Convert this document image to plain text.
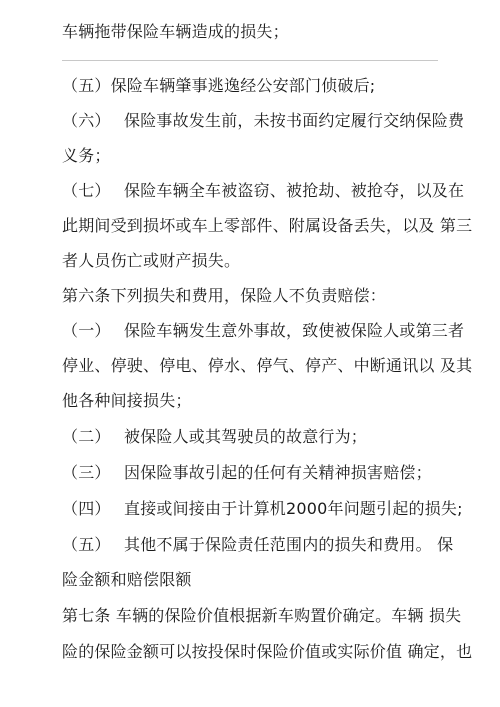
车辆拖带保险车辆造成的损失；
（五）保险车辆肇事逃逸经公安部门侦破后;
（六） 保险事故发生前，未按书面约定履行交纳保险费
义务；
（七） 保险车辆全车被盗窃、被抢劫、被抢夺，以及在
此期间受到损坏或车上零部件、附属设备丢失，以及 第三
者人员伤亡或财产损失。
第六条下列损失和费用，保险人不负责赔偿：
（一） 保险车辆发生意外事故，致使被保险人或第三者
停业、停驶、停电、停水、停气、停产、中断通讯以 及其
他各种间接损失；
（二） 被保险人或其驾驶员的故意行为；
（三） 因保险事故引起的任何有关精神损害赔偿；
（四） 直接或间接由于计算机2000年问题引起的损失;
（五） 其他不属于保险责任范围内的损失和费用。 保
险金额和赔偿限额
第七条 车辆的保险价值根据新车购置价确定。车辆 损失
险的保险金额可以按投保时保险价值或实际价值 确定，也
